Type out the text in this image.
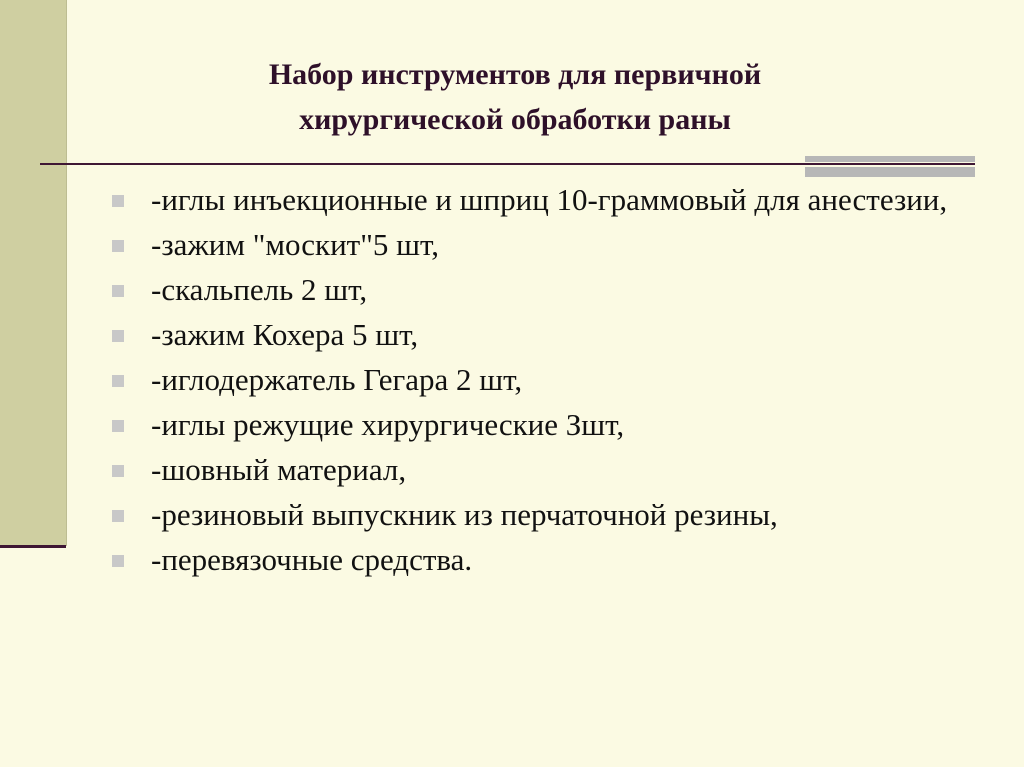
Набор инструментов для первичной
хирургической обработки раны
-иглы инъекционные и шприц 10-граммовый для анестезии,
-зажим "москит"5 шт,
-скальпель 2 шт,
-зажим Кохера 5 шт,
-иглодержатель Гегара 2 шт,
-иглы режущие хирургические Зшт,
-шовный материал,
-резиновый выпускник из перчаточной резины,
-перевязочные средства.
